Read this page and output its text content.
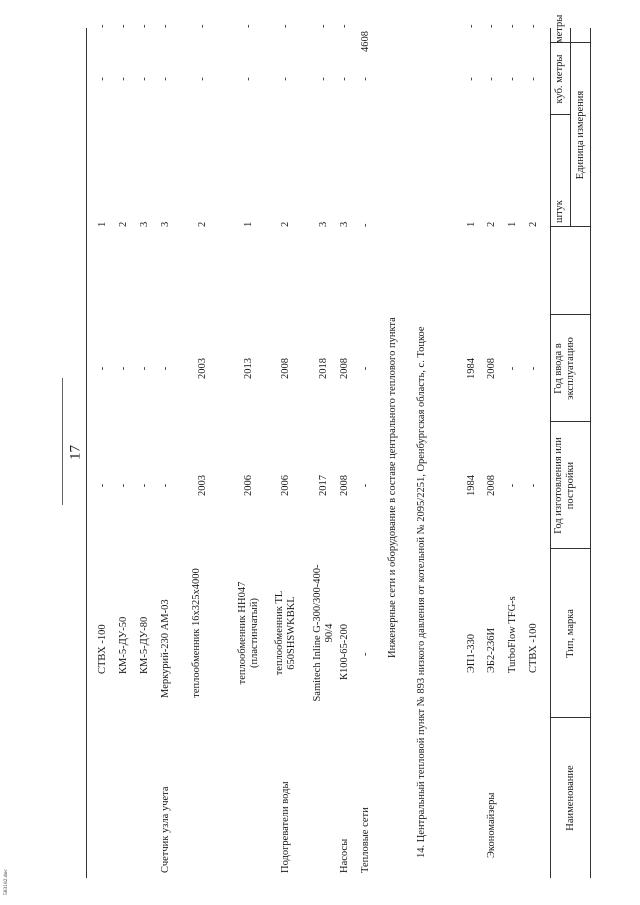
17
503182.doc
Наименование
Тип, марка
Год изготовления или постройки
Год ввода в эксплуатацию
Единица измерения
штук
куб. метры
метры
СТВХ -100
-
-
2
-
-
TurboFlow TFG-s
-
-
1
-
-
Экономайзеры
ЭБ2-236И
2008
2008
2
-
-
ЭП1-330
1984
1984
1
-
-
14. Центральный тепловой пункт № 893 низкого давления от котельной № 2095/2251, Оренбургская область, с. Тоцкое
Инженерные сети и оборудование в составе центрального теплового пункта
Тепловые сети
-
-
-
-
-
4608
Насосы
К100-65-200
2008
2008
3
-
-
Samitech Inline G-300/300-400-90/4
2017
2018
3
-
-
Подогреватели воды
теплообменник TL 650SHSWKBKL
2006
2008
2
-
-
теплообменник НН047 (пластинчатый)
2006
2013
1
-
-
теплообменник 16х325х4000
2003
2003
2
-
-
Счетчик узла учета
Меркурий-230 AM-03
-
-
3
-
-
КМ-5-ДУ-80
-
-
3
-
-
КМ-5-ДУ-50
-
-
2
-
-
СТВХ -100
-
-
1
-
-
